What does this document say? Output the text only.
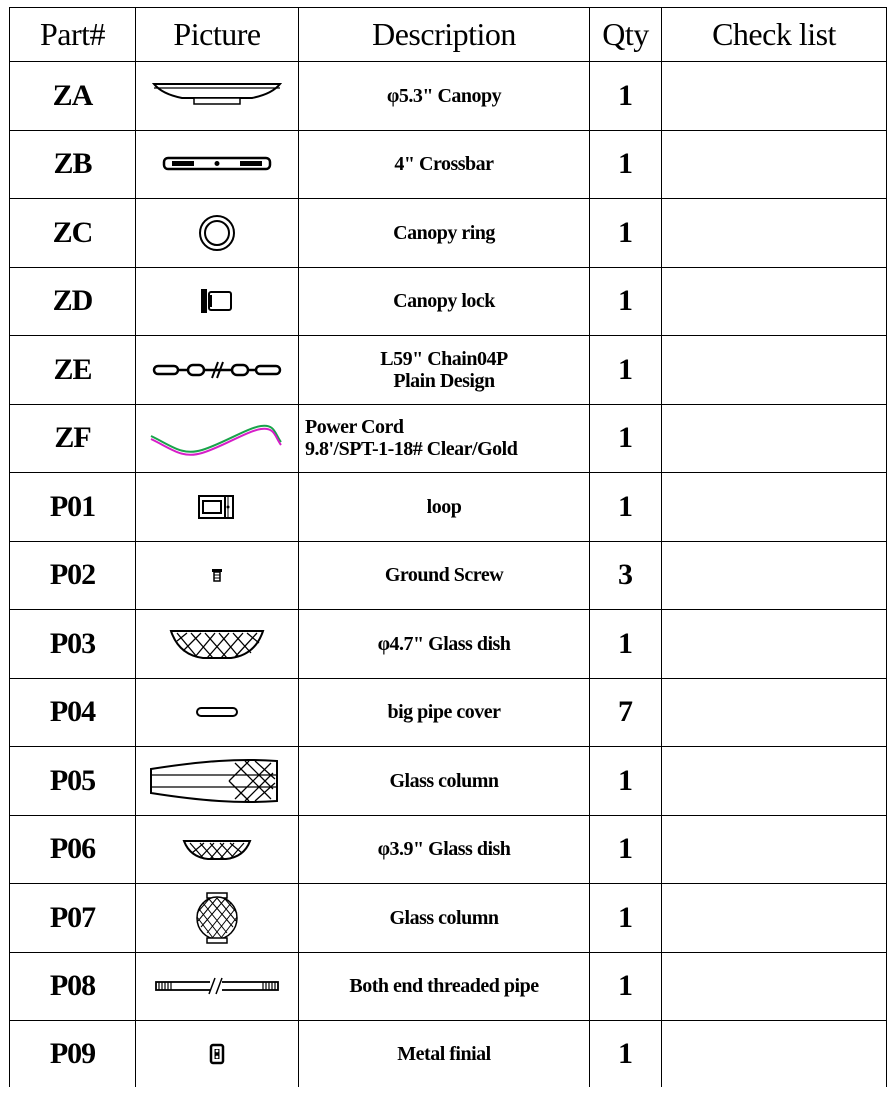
Part#	Picture	Description	Qty	Check list
ZA		φ5.3" Canopy	1	
ZB		4" Crossbar	1	
ZC		Canopy ring	1	
ZD		Canopy lock	1	
ZE		L59" Chain04P
Plain Design	1	
ZF		Power Cord
9.8'/SPT-1-18# Clear/Gold	1	
P01		loop	1	
P02		Ground Screw	3	
P03		φ4.7" Glass dish	1	
P04		big pipe cover	7	
P05		Glass column	1	
P06		φ3.9" Glass dish	1	
P07		Glass column	1	
P08		Both end threaded pipe	1	
P09		Metal finial	1	
